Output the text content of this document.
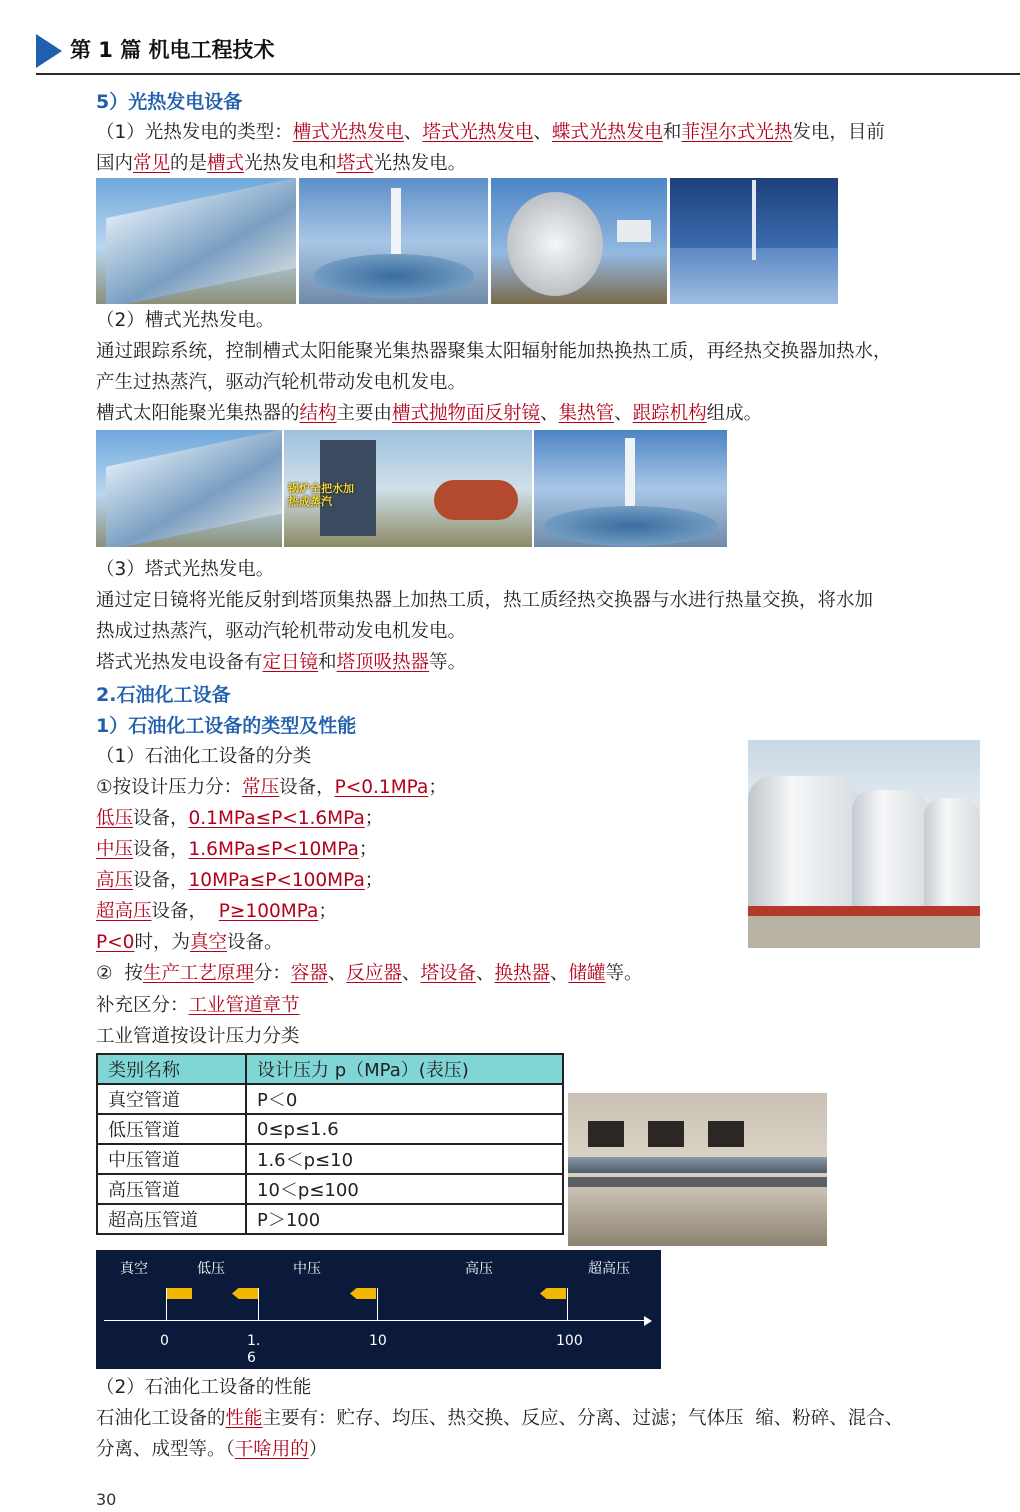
第 1 篇 机电工程技术
5）光热发电设备
（1）光热发电的类型：槽式光热发电、塔式光热发电、蝶式光热发电和菲涅尔式光热发电，目前
国内常见的是槽式光热发电和塔式光热发电。
（2）槽式光热发电。
通过跟踪系统，控制槽式太阳能聚光集热器聚集太阳辐射能加热换热工质，再经热交换器加热水，
产生过热蒸汽，驱动汽轮机带动发电机发电。
槽式太阳能聚光集热器的结构主要由槽式抛物面反射镜、集热管、跟踪机构组成。
锅炉全把水加热成蒸汽
（3）塔式光热发电。
通过定日镜将光能反射到塔顶集热器上加热工质，热工质经热交换器与水进行热量交换，将水加
热成过热蒸汽，驱动汽轮机带动发电机发电。
塔式光热发电设备有定日镜和塔顶吸热器等。
2.石油化工设备
1）石油化工设备的类型及性能
（1）石油化工设备的分类
①按设计压力分：常压设备，P<0.1MPa；
低压设备，0.1MPa≤P<1.6MPa；
中压设备，1.6MPa≤P<10MPa；
高压设备，10MPa≤P<100MPa；
超高压设备，  P≥100MPa；
P<0时，为真空设备。
②  按生产工艺原理分：容器、反应器、塔设备、换热器、储罐等。
补充区分：工业管道章节
工业管道按设计压力分类
类别名称	设计压力 p（MPa）(表压)
真空管道	P＜0
低压管道	0≤p≤1.6
中压管道	1.6＜p≤10
高压管道	10＜p≤100
超高压管道	P＞100
真空	低压	中压	高压	超高压
0	1.
6
10	100
（2）石油化工设备的性能
石油化工设备的性能主要有：贮存、均压、热交换、反应、分离、过滤；气体压  缩、粉碎、混合、
分离、成型等。（干啥用的）
30
